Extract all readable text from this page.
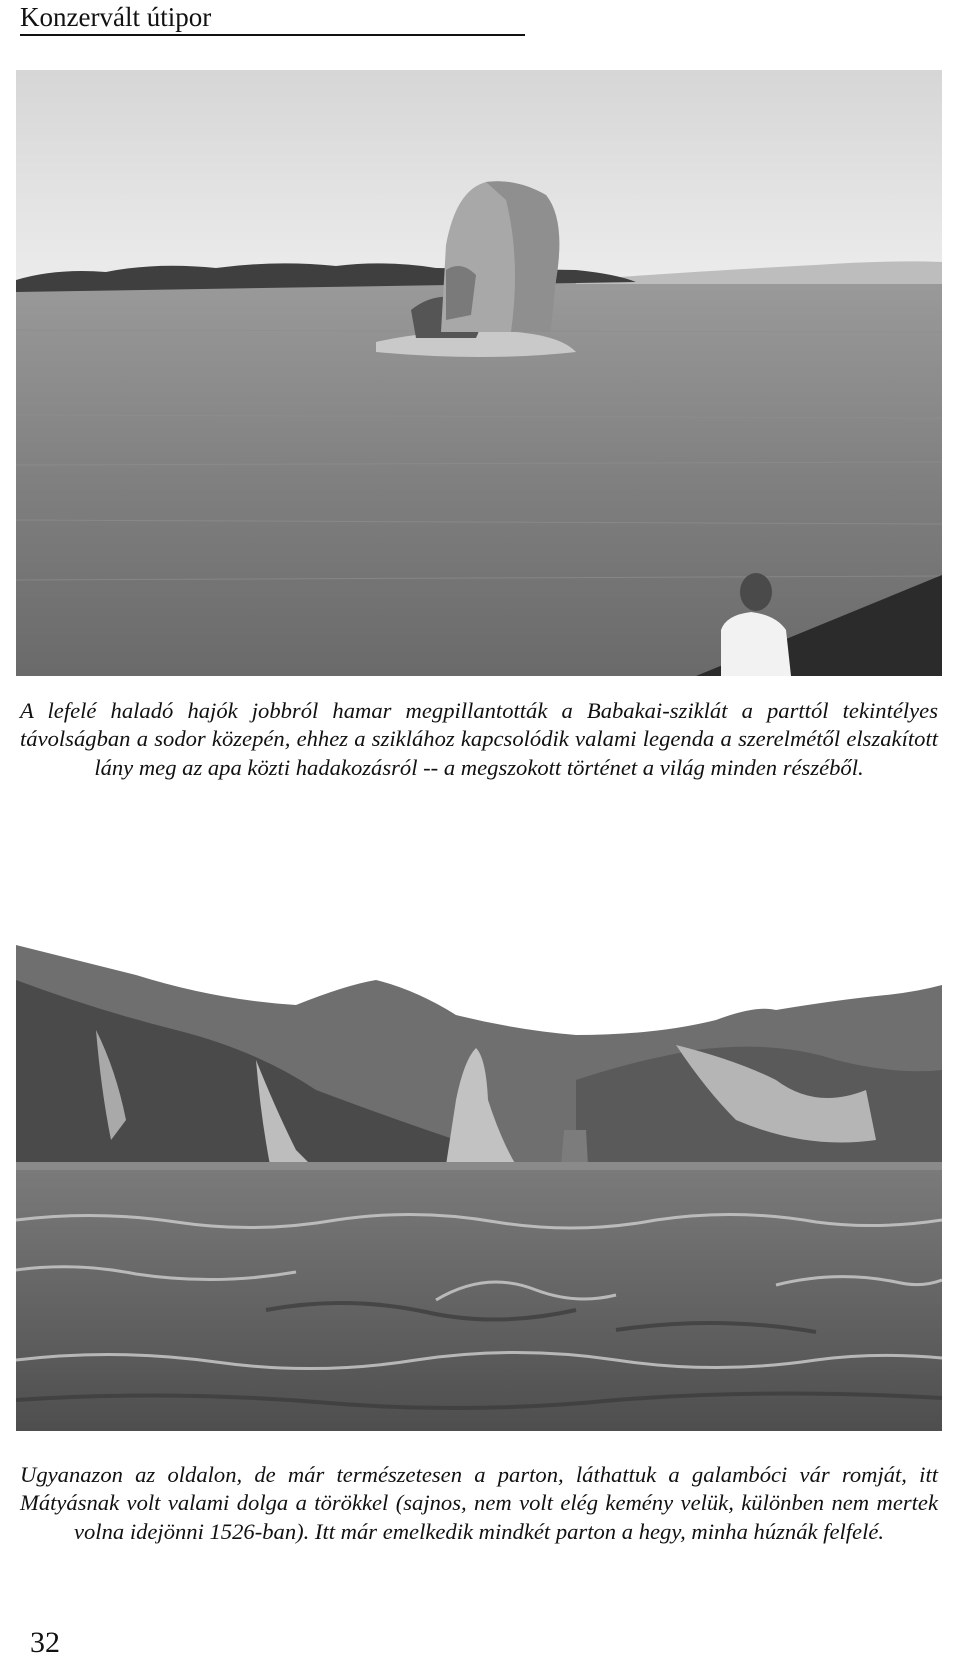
Konzervált útipor
A lefelé haladó hajók jobbról hamar megpillantották a Babakai-sziklát a parttól tekintélyes távolságban a sodor közepén, ehhez a sziklához kapcsolódik valami legenda a szerelmétől elszakított lány meg az apa közti hadakozásról -- a megszokott történet a világ minden részéből.
Ugyanazon az oldalon, de már természetesen a parton, láthattuk a galambóci vár romját, itt Mátyásnak volt valami dolga a törökkel (sajnos, nem volt elég kemény velük, különben nem mertek volna idejönni 1526-ban). Itt már emelkedik mindkét parton a hegy, minha húznák felfelé.
32
